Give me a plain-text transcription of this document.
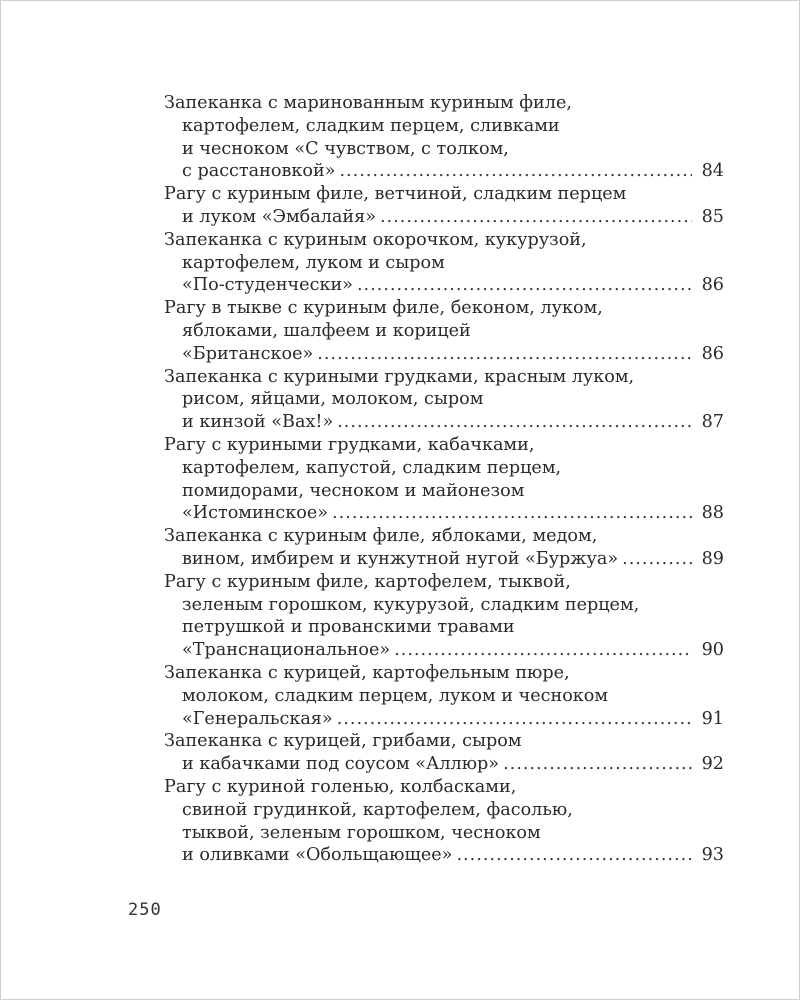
Запеканка с маринованным куриным филе,
картофелем, сладким перцем, сливками
и чесноком «С чувством, с толком,
с расстановкой» .....	84
Рагу с куриным филе, ветчиной, сладким перцем
и луком «Эмбалайя» .....	85
Запеканка с куриным окорочком, кукурузой,
картофелем, луком и сыром
«По-студенчески» .....	86
Рагу в тыкве с куриным филе, беконом, луком,
яблоками, шалфеем и корицей
«Британское» .....	86
Запеканка с куриными грудками, красным луком,
рисом, яйцами, молоком, сыром
и кинзой «Вах!» .....	87
Рагу с куриными грудками, кабачками,
картофелем, капустой, сладким перцем,
помидорами, чесноком и майонезом
«Истоминское» .....	88
Запеканка с куриным филе, яблоками, медом,
вином, имбирем и кунжутной нугой «Буржуа» .....	89
Рагу с куриным филе, картофелем, тыквой,
зеленым горошком, кукурузой, сладким перцем,
петрушкой и прованскими травами
«Транснациональное» .....	90
Запеканка с курицей, картофельным пюре,
молоком, сладким перцем, луком и чесноком
«Генеральская» .....	91
Запеканка с курицей, грибами, сыром
и кабачками под соусом «Аллюр» .....	92
Рагу с куриной голенью, колбасками,
свиной грудинкой, картофелем, фасолью,
тыквой, зеленым горошком, чесноком
и оливками «Обольщающее» .....	93
250
